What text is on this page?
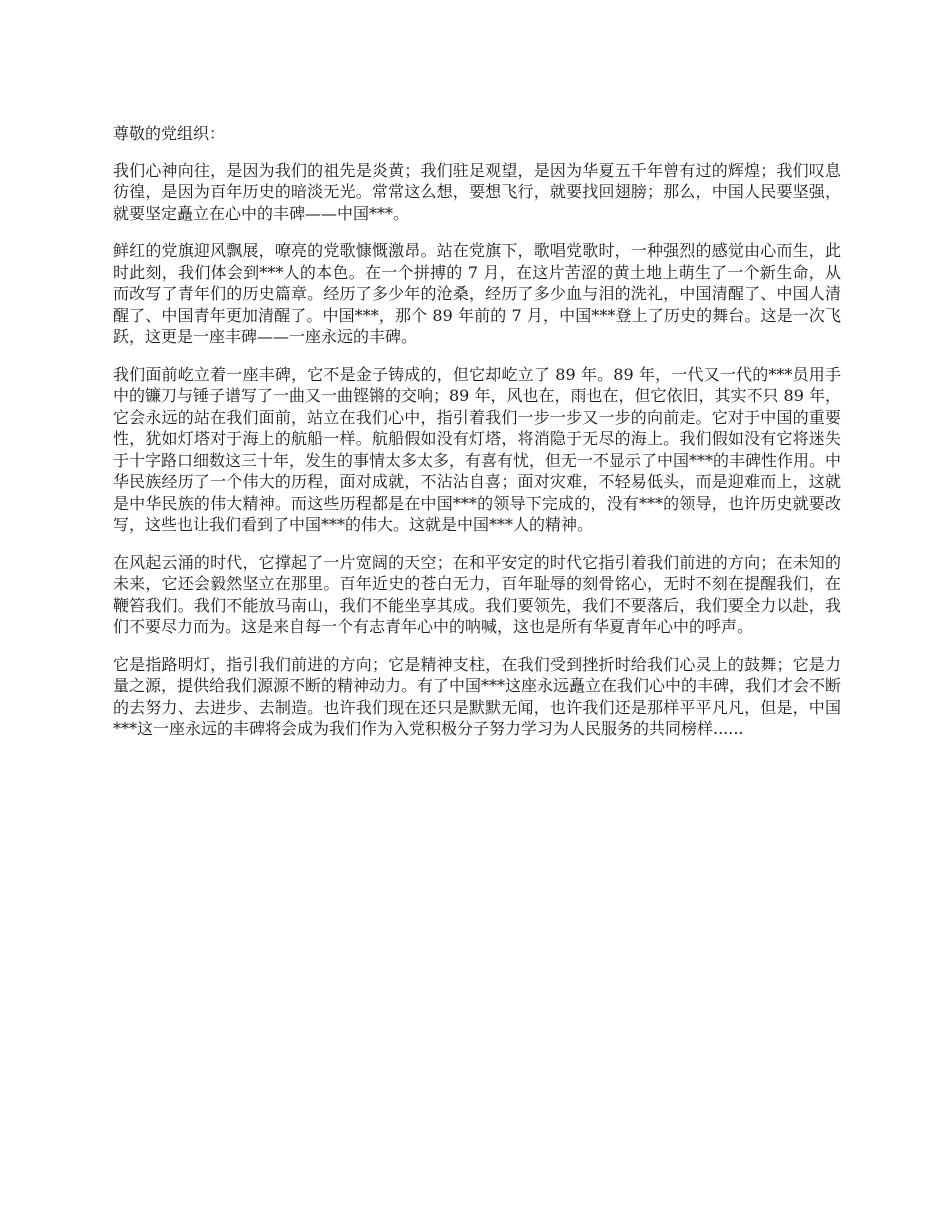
尊敬的党组织：

我们心神向往，是因为我们的祖先是炎黄；我们驻足观望，是因为华夏五千年曾有过的辉煌；我们叹息彷徨，是因为百年历史的暗淡无光。常常这么想，要想飞行，就要找回翅膀；那么，中国人民要坚强，就要坚定矗立在心中的丰碑——中国***。

鲜红的党旗迎风飘展，嘹亮的党歌慷慨激昂。站在党旗下，歌唱党歌时，一种强烈的感觉由心而生，此时此刻，我们体会到***人的本色。在一个拼搏的 7 月，在这片苦涩的黄土地上萌生了一个新生命，从而改写了青年们的历史篇章。经历了多少年的沧桑，经历了多少血与泪的洗礼，中国清醒了、中国人清醒了、中国青年更加清醒了。中国***，那个 89 年前的 7 月，中国***登上了历史的舞台。这是一次飞跃，这更是一座丰碑——一座永远的丰碑。

我们面前屹立着一座丰碑，它不是金子铸成的，但它却屹立了 89 年。89 年，一代又一代的***员用手中的镰刀与锤子谱写了一曲又一曲铿锵的交响；89 年，风也在，雨也在，但它依旧，其实不只 89 年，它会永远的站在我们面前，站立在我们心中，指引着我们一步一步又一步的向前走。它对于中国的重要性，犹如灯塔对于海上的航船一样。航船假如没有灯塔，将消隐于无尽的海上。我们假如没有它将迷失于十字路口细数这三十年，发生的事情太多太多，有喜有忧，但无一不显示了中国***的丰碑性作用。中华民族经历了一个伟大的历程，面对成就，不沾沾自喜；面对灾难，不轻易低头，而是迎难而上，这就是中华民族的伟大精神。而这些历程都是在中国***的领导下完成的，没有***的领导，也许历史就要改写，这些也让我们看到了中国***的伟大。这就是中国***人的精神。

在风起云涌的时代，它撑起了一片宽阔的天空；在和平安定的时代它指引着我们前进的方向；在未知的未来，它还会毅然坚立在那里。百年近史的苍白无力，百年耻辱的刻骨铭心，无时不刻在提醒我们，在鞭笞我们。我们不能放马南山，我们不能坐享其成。我们要领先，我们不要落后，我们要全力以赴，我们不要尽力而为。这是来自每一个有志青年心中的呐喊，这也是所有华夏青年心中的呼声。

它是指路明灯，指引我们前进的方向；它是精神支柱，在我们受到挫折时给我们心灵上的鼓舞；它是力量之源，提供给我们源源不断的精神动力。有了中国***这座永远矗立在我们心中的丰碑，我们才会不断的去努力、去进步、去制造。也许我们现在还只是默默无闻，也许我们还是那样平平凡凡，但是，中国***这一座永远的丰碑将会成为我们作为入党积极分子努力学习为人民服务的共同榜样......
